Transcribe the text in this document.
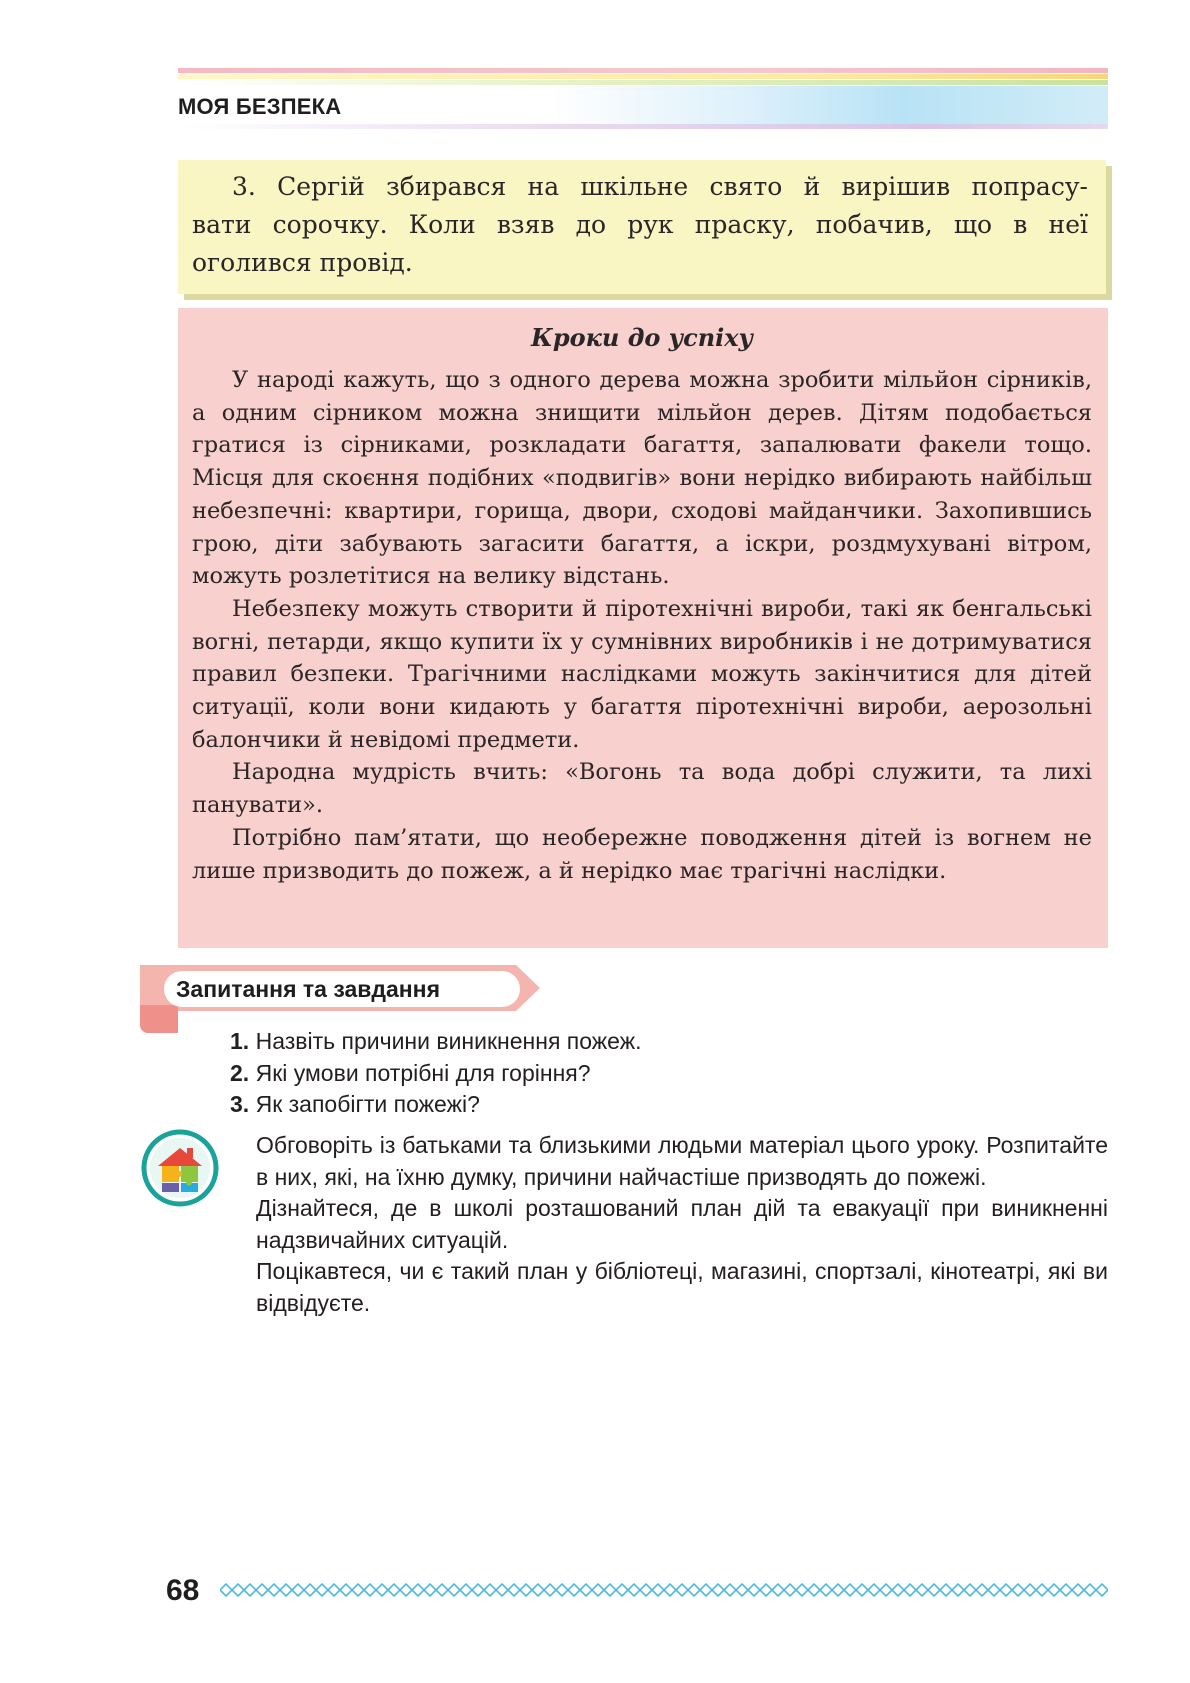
МОЯ БЕЗПЕКА
3. Сергій збирався на шкільне свято й вирішив попрасу-
вати сорочку. Коли взяв до рук праску, побачив, що в неї
оголився провід.
Кроки до успіху

У народі кажуть, що з одного дерева можна зробити мільйон сірників, а одним сірником можна знищити мільйон дерев. Дітям подобається гратися із сірниками, розкладати багаття, запалювати факели тощо. Місця для скоєння подібних «подвигів» вони нерідко вибирають найбільш небезпечні: квартири, горища, двори, сходові майданчики. Захопившись грою, діти забувають загасити багаття, а іскри, роздмухувані вітром, можуть розлетітися на велику відстань.

Небезпеку можуть створити й піротехнічні вироби, такі як бенгальські вогні, петарди, якщо купити їх у сумнівних виробників і не дотримуватися правил безпеки. Трагічними наслідками можуть закінчитися для дітей ситуації, коли вони кидають у багаття піротехнічні вироби, аерозольні балончики й невідомі предмети.

Народна мудрість вчить: «Вогонь та вода добрі служити, та лихі панувати».

Потрібно пам’ятати, що необережне поводження дітей із вогнем не лише призводить до пожеж, а й нерідко має трагічні наслідки.

Запитання та завдання
1. Назвіть причини виникнення пожеж.
2. Які умови потрібні для горіння?
3. Як запобігти пожежі?

Обговоріть із батьками та близькими людьми матеріал цього уроку. Розпитайте в них, які, на їхню думку, причини найчастіше призводять до пожежі.

Дізнайтеся, де в школі розташований план дій та евакуації при виникненні надзвичайних ситуацій.

Поцікавтеся, чи є такий план у бібліотеці, магазині, спортзалі, кінотеатрі, які ви відвідуєте.

68
